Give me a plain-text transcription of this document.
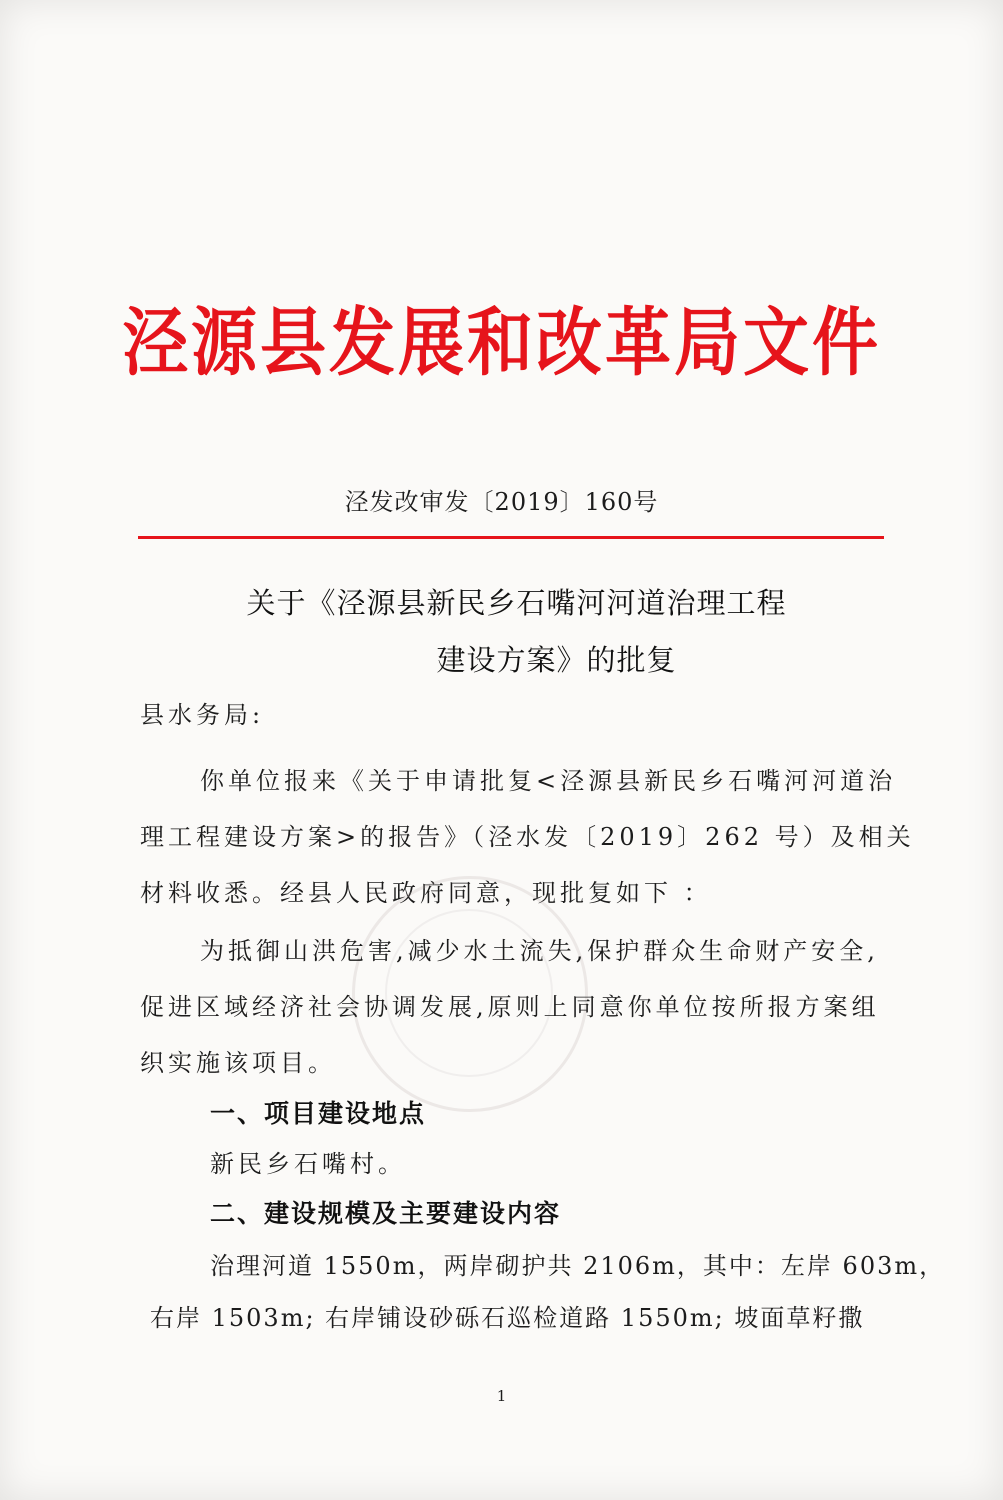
泾源县发展和改革局文件
泾发改审发〔2019〕160号
关于《泾源县新民乡石嘴河河道治理工程
建设方案》的批复
县水务局:
你单位报来《关于申请批复<泾源县新民乡石嘴河河道治
理工程建设方案>的报告》（泾水发〔2019〕262 号）及相关
材料收悉。经县人民政府同意，现批复如下 ：
为抵御山洪危害,减少水土流失,保护群众生命财产安全,
促进区域经济社会协调发展,原则上同意你单位按所报方案组
织实施该项目。
一、项目建设地点
新民乡石嘴村。
二、建设规模及主要建设内容
治理河道 1550m，两岸砌护共 2106m，其中：左岸 603m，
右岸 1503m; 右岸铺设砂砾石巡检道路 1550m; 坡面草籽撒
1
